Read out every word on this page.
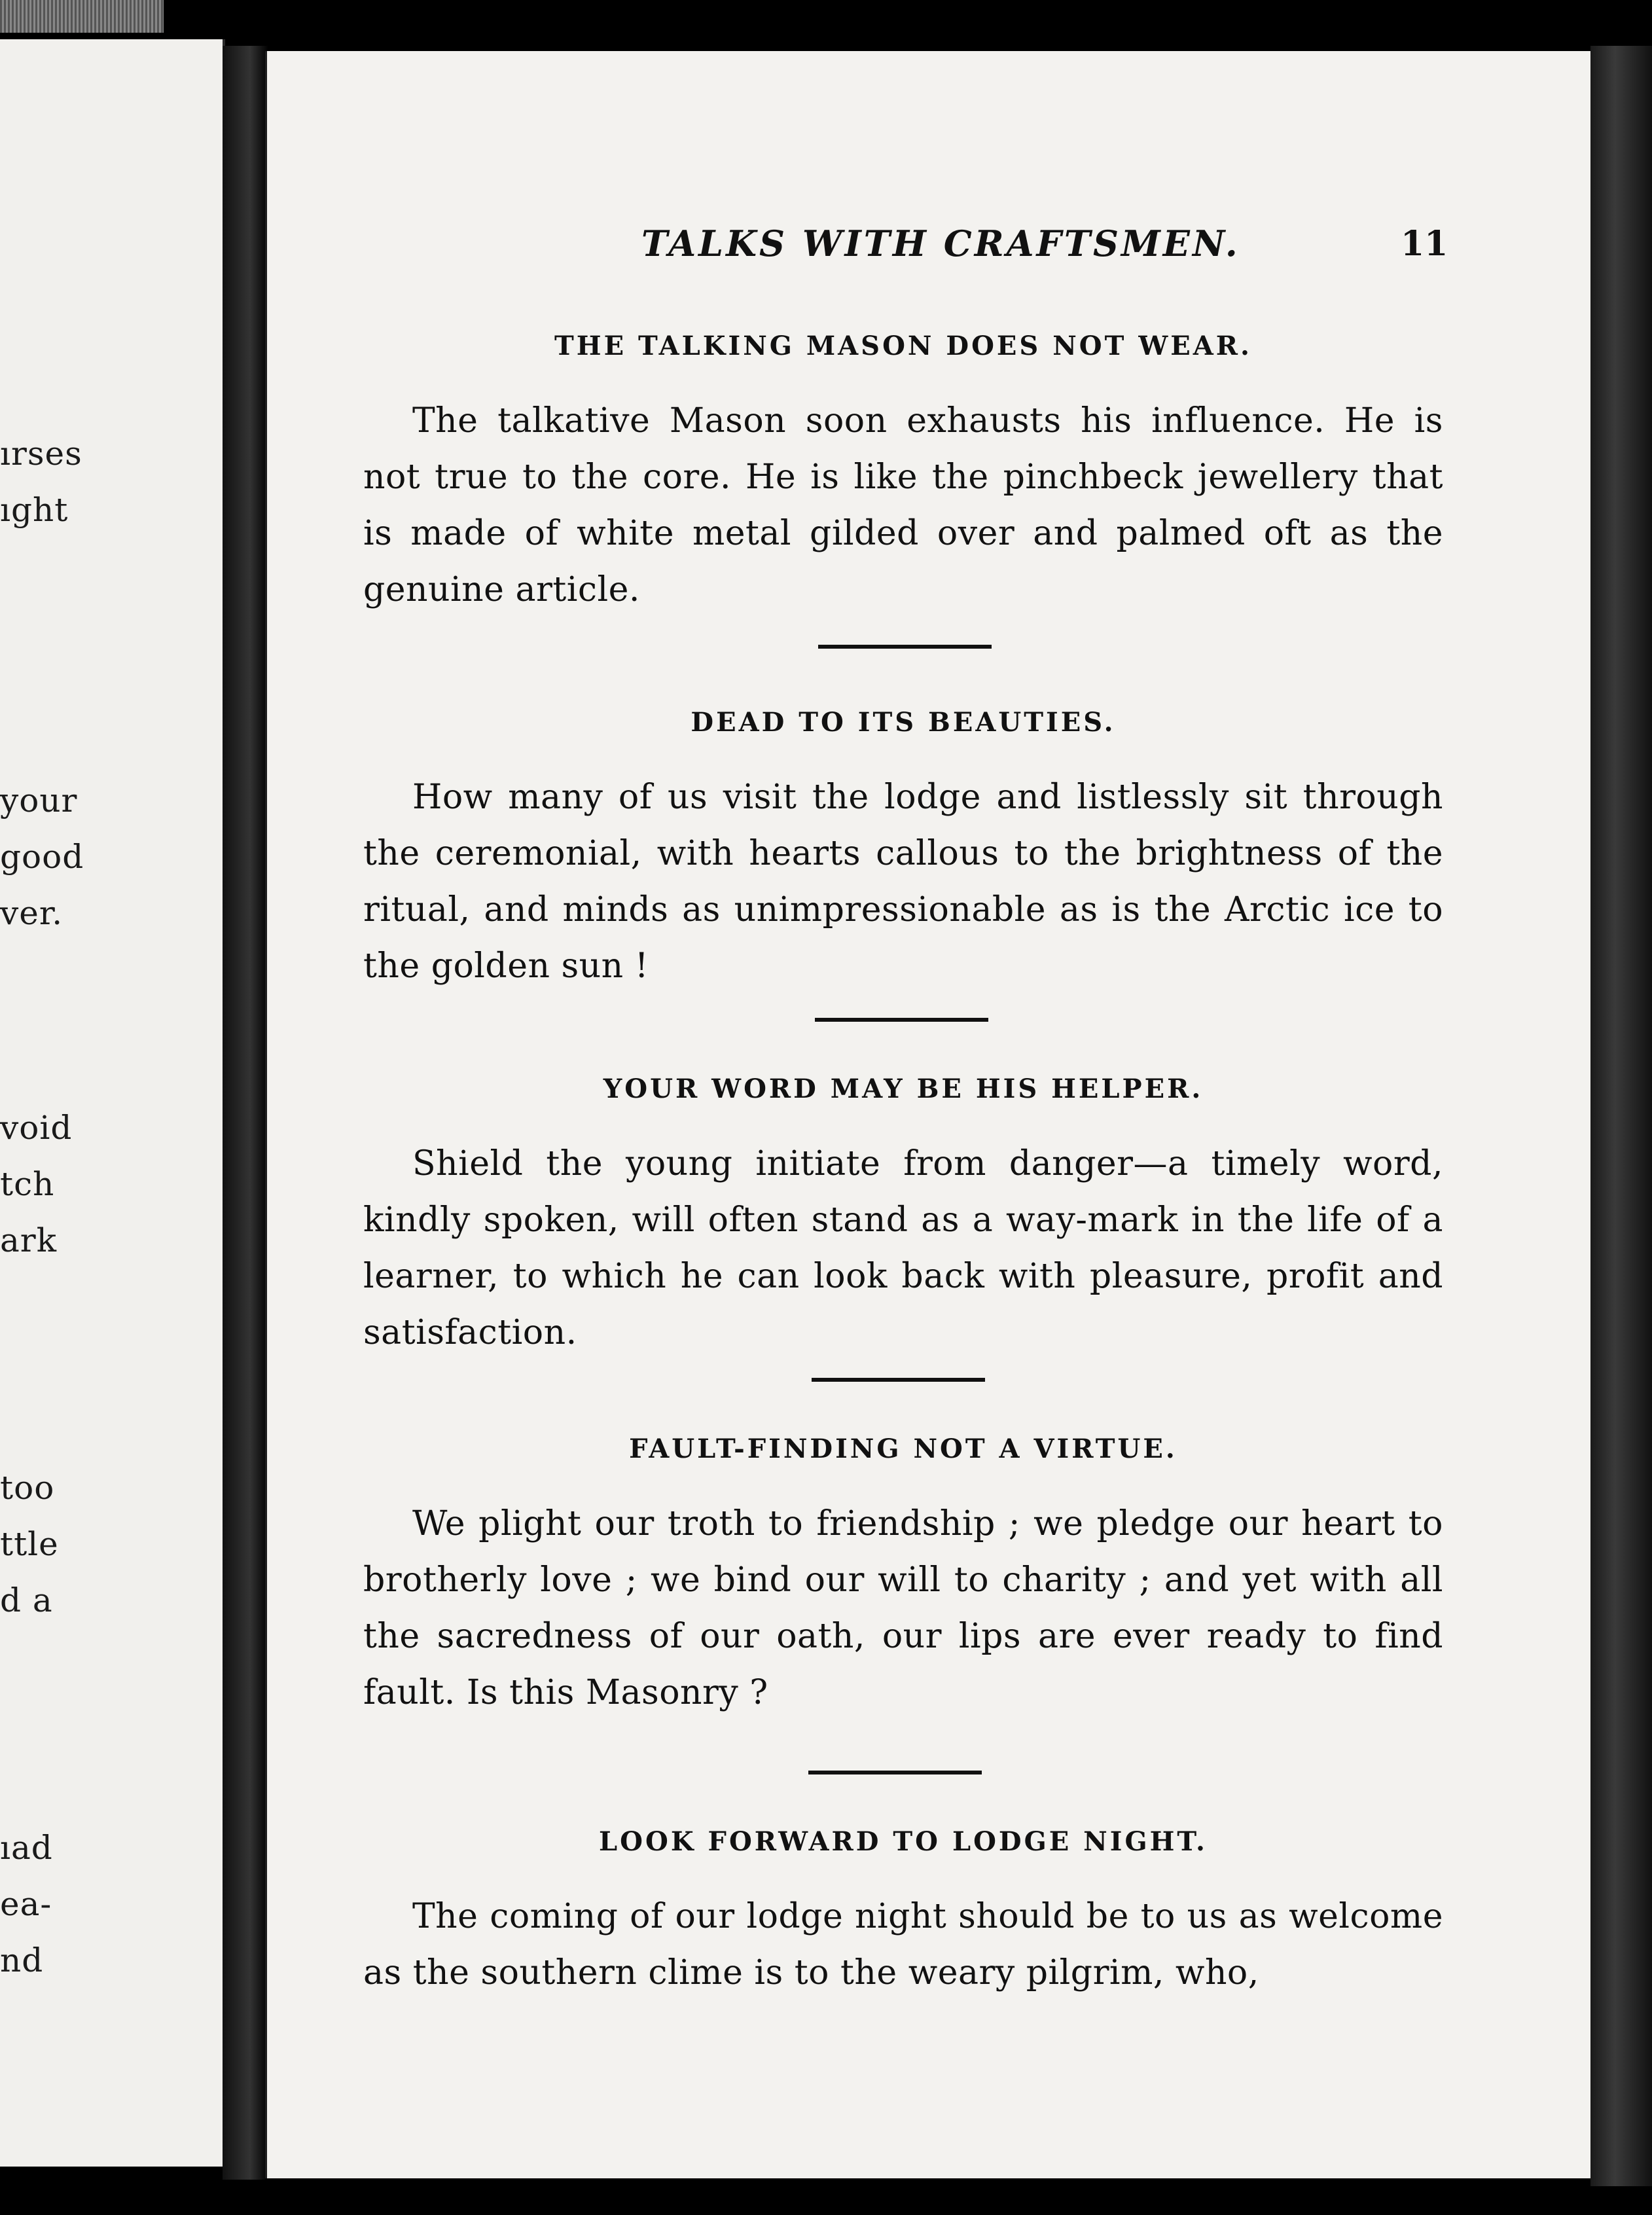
ırses

ıght

your

good

ver.

void

tch

ark

too

ttle

d a

ıad

ea-

nd

TALKS WITH CRAFTSMEN.	11

THE TALKING MASON DOES NOT WEAR.

The talkative Mason soon exhausts his influence. He is not true to the core. He is like the pinchbeck jewellery that is made of white metal gilded over and palmed oft as the genuine article.

DEAD TO ITS BEAUTIES.

How many of us visit the lodge and listlessly sit through the ceremonial, with hearts callous to the brightness of the ritual, and minds as unimpressionable as is the Arctic ice to the golden sun !

YOUR WORD MAY BE HIS HELPER.

Shield the young initiate from danger—a timely word, kindly spoken, will often stand as a way-mark in the life of a learner, to which he can look back with pleasure, profit and satisfaction.

FAULT-FINDING NOT A VIRTUE.

We plight our troth to friendship ; we pledge our heart to brotherly love ; we bind our will to charity ; and yet with all the sacredness of our oath, our lips are ever ready to find fault. Is this Masonry ?

LOOK FORWARD TO LODGE NIGHT.

The coming of our lodge night should be to us as welcome as the southern clime is to the weary pilgrim, who,
